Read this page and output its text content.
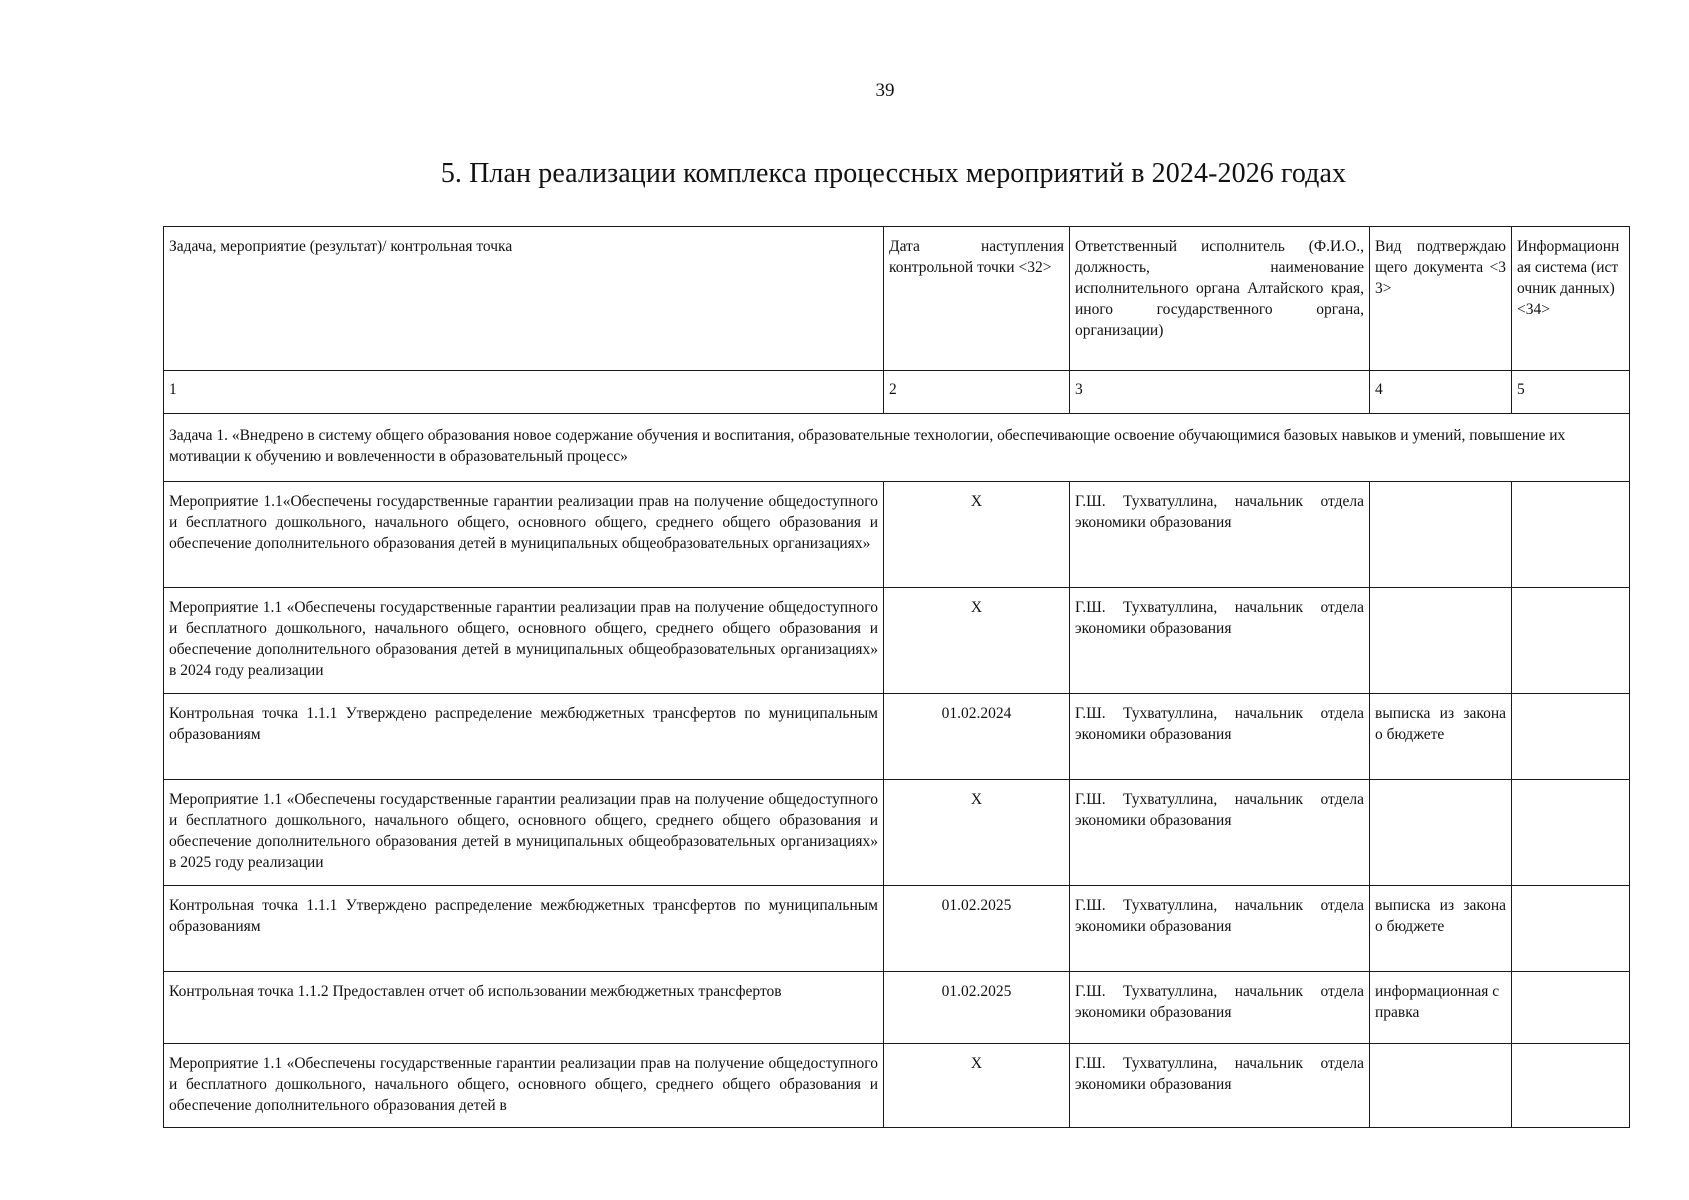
39
5. План реализации комплекса процессных мероприятий в 2024-2026 годах
Задача, мероприятие (результат)/ контрольная точка	Дата наступления контрольной точки <32>	Ответственный исполнитель (Ф.И.О., должность, наименование исполнительного органа Алтайского края, иного государственного органа, организации)	Вид подтверждающего документа <33>	Информационная система (источник данных) <34>
1	2	3	4	5
Задача 1. «Внедрено в систему общего образования новое содержание обучения и воспитания, образовательные технологии, обеспечивающие освоение обучающимися базовых навыков и умений, повышение их мотивации к обучению и вовлеченности в образовательный процесс»				
Мероприятие 1.1«Обеспечены государственные гарантии реализации прав на получение общедоступного и бесплатного дошкольного, начального общего, основного общего, среднего общего образования и обеспечение дополнительного образования детей в муниципальных общеобразовательных организациях»	X	Г.Ш. Тухватуллина, начальник отдела экономики образования		
Мероприятие 1.1 «Обеспечены государственные гарантии реализации прав на получение общедоступного и бесплатного дошкольного, начального общего, основного общего, среднего общего образования и обеспечение дополнительного образования детей в муниципальных общеобразовательных организациях» в 2024 году реализации	X	Г.Ш. Тухватуллина, начальник отдела экономики образования		
Контрольная точка 1.1.1 Утверждено распределение межбюджетных трансфертов по муниципальным образованиям	01.02.2024	Г.Ш. Тухватуллина, начальник отдела экономики образования	выписка из закона о бюджете	
Мероприятие 1.1 «Обеспечены государственные гарантии реализации прав на получение общедоступного и бесплатного дошкольного, начального общего, основного общего, среднего общего образования и обеспечение дополнительного образования детей в муниципальных общеобразовательных организациях» в 2025 году реализации	X	Г.Ш. Тухватуллина, начальник отдела экономики образования		
Контрольная точка 1.1.1 Утверждено распределение межбюджетных трансфертов по муниципальным образованиям	01.02.2025	Г.Ш. Тухватуллина, начальник отдела экономики образования	выписка из закона о бюджете	
Контрольная точка 1.1.2 Предоставлен отчет об использовании межбюджетных трансфертов	01.02.2025	Г.Ш. Тухватуллина, начальник отдела экономики образования	информационная справка	
Мероприятие 1.1 «Обеспечены государственные гарантии реализации прав на получение общедоступного и бесплатного дошкольного, начального общего, основного общего, среднего общего образования и обеспечение дополнительного образования детей в	X	Г.Ш. Тухватуллина, начальник отдела экономики образования		
